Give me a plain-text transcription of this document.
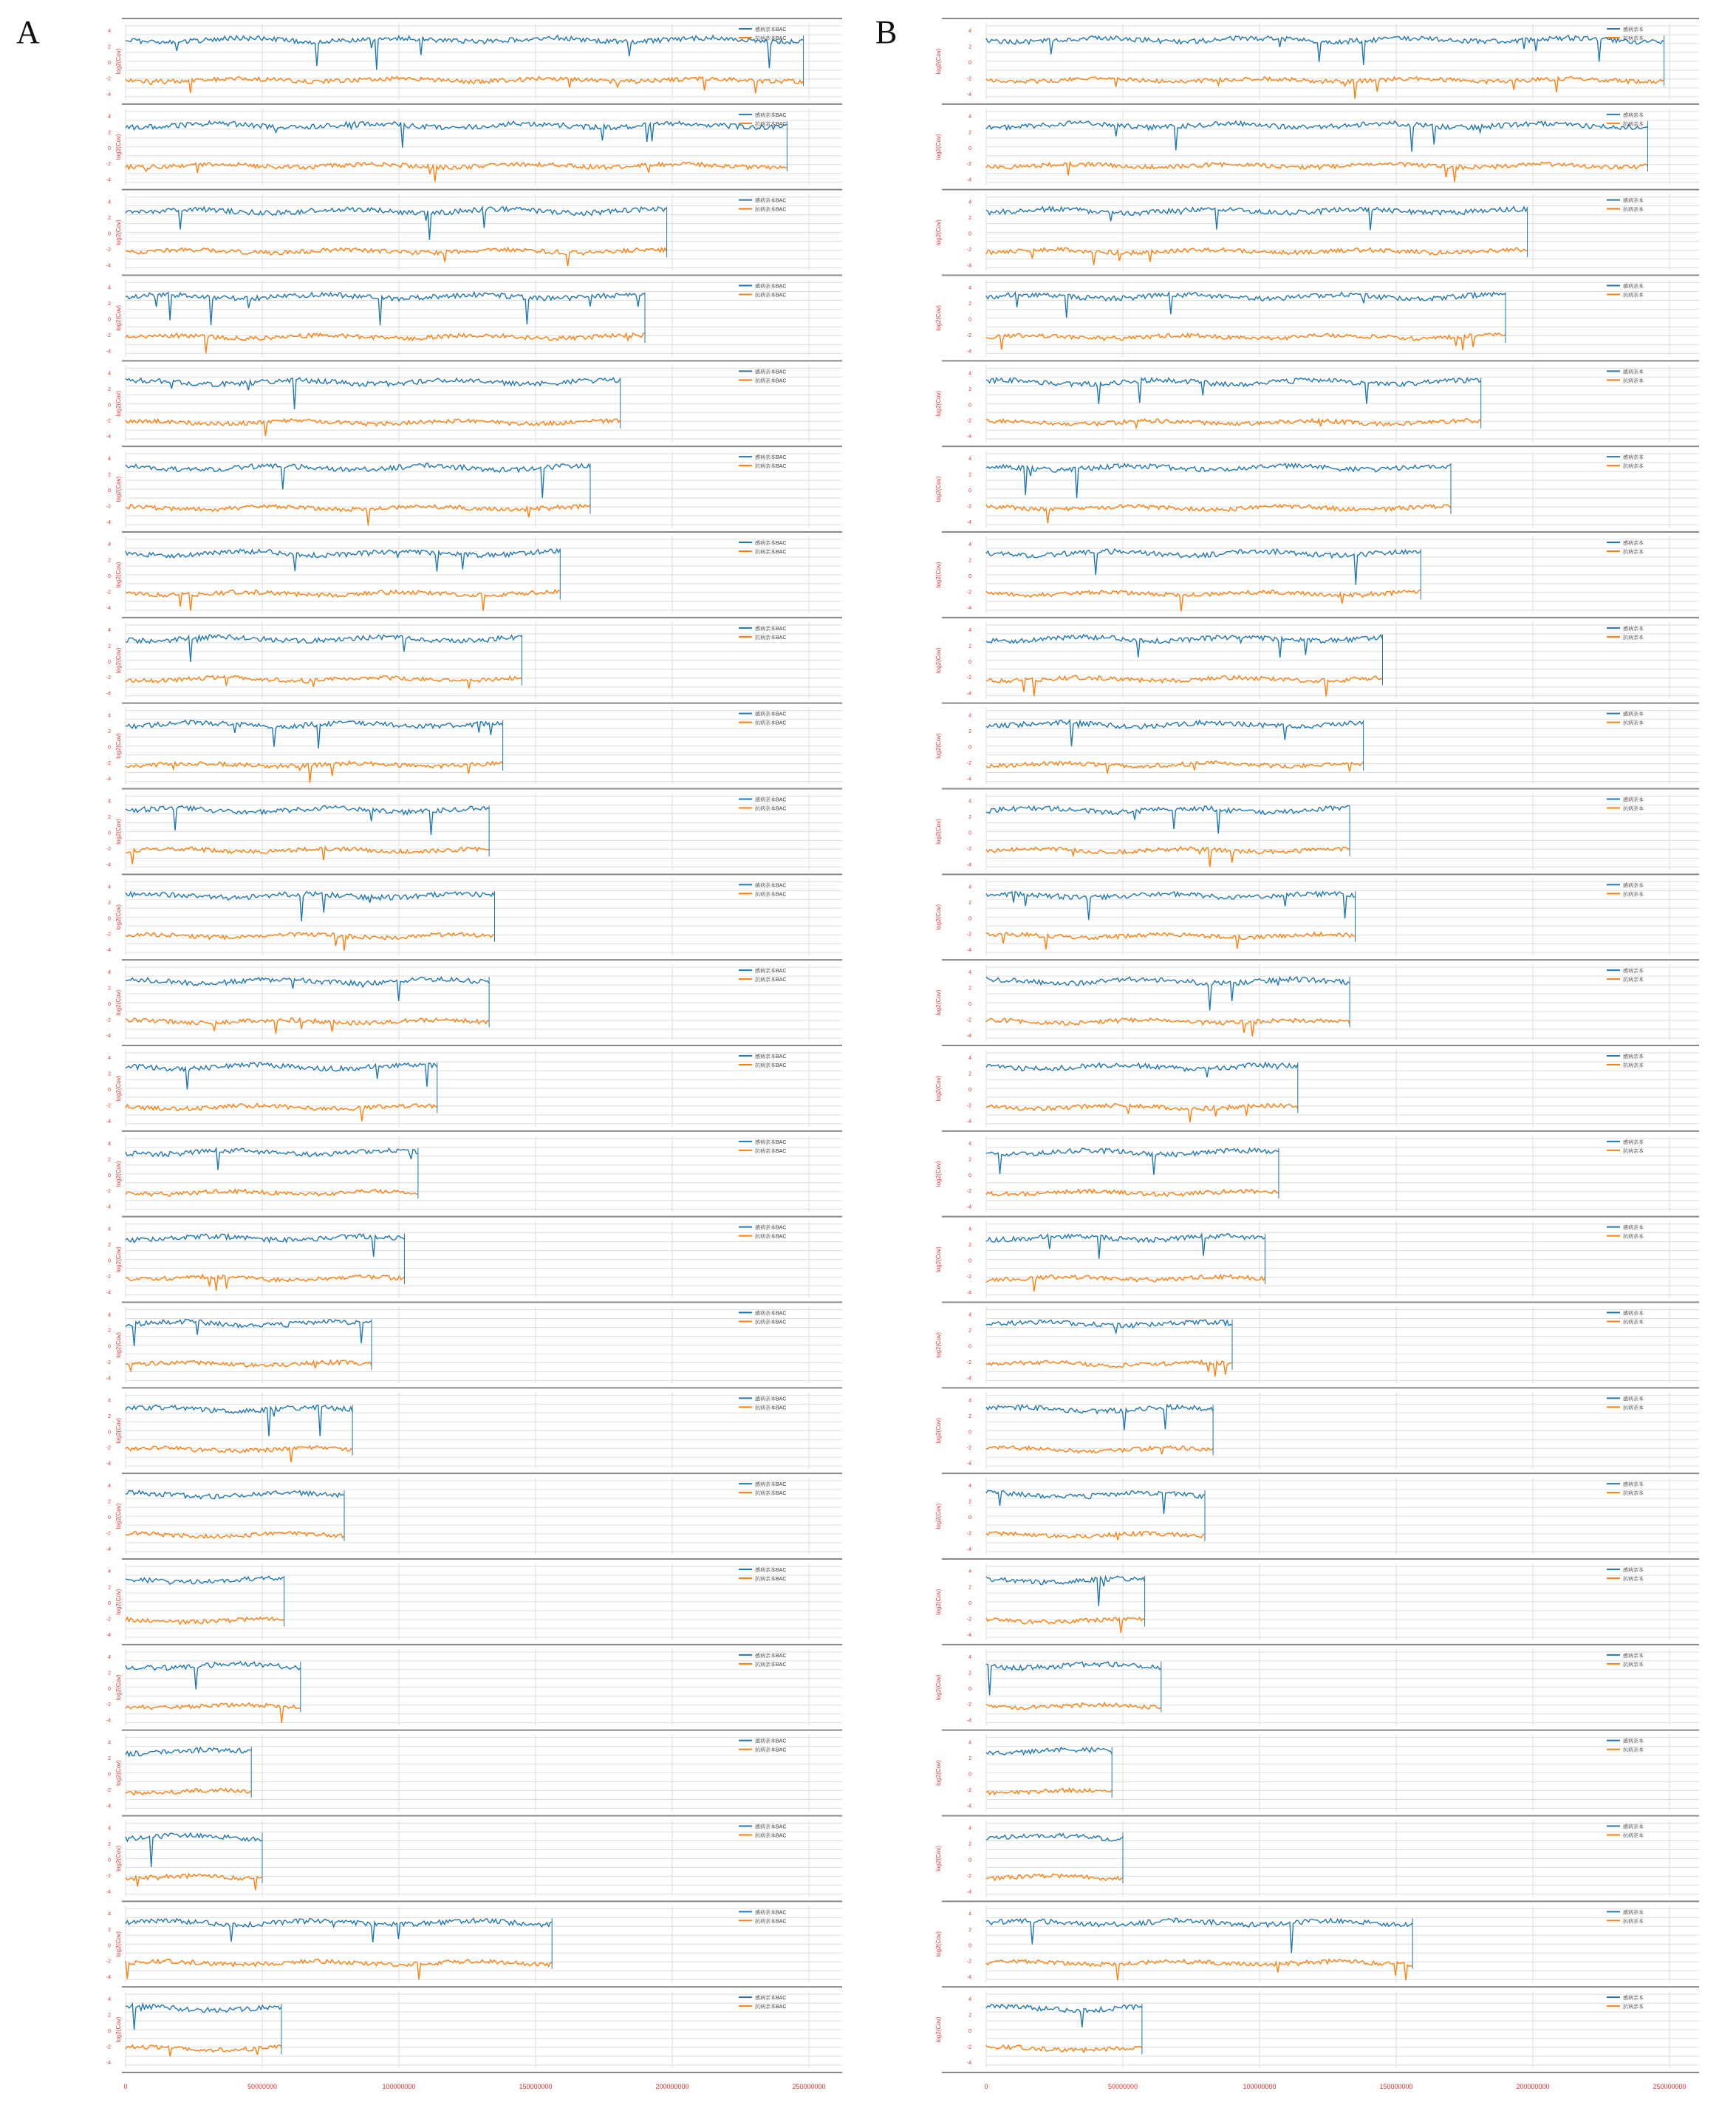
A	B
4
2
0
-2
-4
log2(Cov)
感病亲本BAC
抗病亲本BAC
4
2
0
-2
-4
log2(Cov)
感病亲本BAC
抗病亲本BAC
4
2
0
-2
-4
log2(Cov)
感病亲本BAC
抗病亲本BAC
4
2
0
-2
-4
log2(Cov)
感病亲本BAC
抗病亲本BAC
4
2
0
-2
-4
log2(Cov)
感病亲本BAC
抗病亲本BAC
4
2
0
-2
-4
log2(Cov)
感病亲本BAC
抗病亲本BAC
4
2
0
-2
-4
log2(Cov)
感病亲本BAC
抗病亲本BAC
4
2
0
-2
-4
log2(Cov)
感病亲本BAC
抗病亲本BAC
4
2
0
-2
-4
log2(Cov)
感病亲本BAC
抗病亲本BAC
4
2
0
-2
-4
log2(Cov)
感病亲本BAC
抗病亲本BAC
4
2
0
-2
-4
log2(Cov)
感病亲本BAC
抗病亲本BAC
4
2
0
-2
-4
log2(Cov)
感病亲本BAC
抗病亲本BAC
4
2
0
-2
-4
log2(Cov)
感病亲本BAC
抗病亲本BAC
4
2
0
-2
-4
log2(Cov)
感病亲本BAC
抗病亲本BAC
4
2
0
-2
-4
log2(Cov)
感病亲本BAC
抗病亲本BAC
4
2
0
-2
-4
log2(Cov)
感病亲本BAC
抗病亲本BAC
4
2
0
-2
-4
log2(Cov)
感病亲本BAC
抗病亲本BAC
4
2
0
-2
-4
log2(Cov)
感病亲本BAC
抗病亲本BAC
4
2
0
-2
-4
log2(Cov)
感病亲本BAC
抗病亲本BAC
4
2
0
-2
-4
log2(Cov)
感病亲本BAC
抗病亲本BAC
4
2
0
-2
-4
log2(Cov)
感病亲本BAC
抗病亲本BAC
4
2
0
-2
-4
log2(Cov)
感病亲本BAC
抗病亲本BAC
4
2
0
-2
-4
log2(Cov)
感病亲本BAC
抗病亲本BAC
4
2
0
-2
-4
log2(Cov)
感病亲本BAC
抗病亲本BAC
0	50000000	100000000	150000000	200000000	250000000
4
2
0
-2
-4
log2(Cov)
感病亲本
抗病亲本
4
2
0
-2
-4
log2(Cov)
感病亲本
抗病亲本
4
2
0
-2
-4
log2(Cov)
感病亲本
抗病亲本
4
2
0
-2
-4
log2(Cov)
感病亲本
抗病亲本
4
2
0
-2
-4
log2(Cov)
感病亲本
抗病亲本
4
2
0
-2
-4
log2(Cov)
感病亲本
抗病亲本
4
2
0
-2
-4
log2(Cov)
感病亲本
抗病亲本
4
2
0
-2
-4
log2(Cov)
感病亲本
抗病亲本
4
2
0
-2
-4
log2(Cov)
感病亲本
抗病亲本
4
2
0
-2
-4
log2(Cov)
感病亲本
抗病亲本
4
2
0
-2
-4
log2(Cov)
感病亲本
抗病亲本
4
2
0
-2
-4
log2(Cov)
感病亲本
抗病亲本
4
2
0
-2
-4
log2(Cov)
感病亲本
抗病亲本
4
2
0
-2
-4
log2(Cov)
感病亲本
抗病亲本
4
2
0
-2
-4
log2(Cov)
感病亲本
抗病亲本
4
2
0
-2
-4
log2(Cov)
感病亲本
抗病亲本
4
2
0
-2
-4
log2(Cov)
感病亲本
抗病亲本
4
2
0
-2
-4
log2(Cov)
感病亲本
抗病亲本
4
2
0
-2
-4
log2(Cov)
感病亲本
抗病亲本
4
2
0
-2
-4
log2(Cov)
感病亲本
抗病亲本
4
2
0
-2
-4
log2(Cov)
感病亲本
抗病亲本
4
2
0
-2
-4
log2(Cov)
感病亲本
抗病亲本
4
2
0
-2
-4
log2(Cov)
感病亲本
抗病亲本
4
2
0
-2
-4
log2(Cov)
感病亲本
抗病亲本
0	50000000	100000000	150000000	200000000	250000000
